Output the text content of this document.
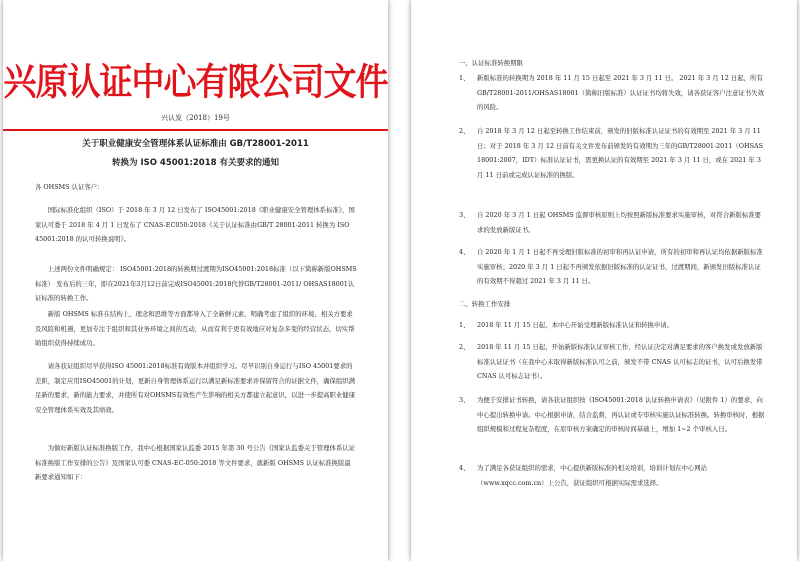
兴原认证中心有限公司文件
兴认发（2018）19号
关于职业健康安全管理体系认证标准由 GB/T28001-2011
转换为 ISO 45001:2018 有关要求的通知

各 OHSMS 认证客户：

国际标准化组织（ISO）于 2018 年 3 月 12 日发布了 ISO45001:2018《职业健康安全管理体系标准》，国家认可委于 2018 年 4 月 1 日发布了 CNAS-EC050:2018《关于认证标准由GB/T 28001-2011 转换为 ISO 45001:2018 的认可转换说明》。

上述两份文件明确规定： ISO45001:2018的转换期过渡期为ISO45001:2018标准（以下简称新版OHSMS标准） 发布后的三年，即在2021年3月12日前完成ISO45001:2018代替GB/T28001-2011/ OHSAS18001认证标准的转换工作。

新版 OHSMS 标准在结构上、理念和思维等方面都导入了全新鲜元素，明确考虑了组织的环境、相关方要求及风险和机遇，更加专注于组织和其业务环境之间的互动，从而有利于更有效地应对复杂多变的经营状态，切实帮助组织获得持续成功。

请各获证组织尽早获得ISO 45001:2018标准有效版本并组织学习。尽早识别自身运行与ISO 45001要求的差距，制定应用ISO45001的计划，更新自身管理体系运行以满足新标准要求并保留符合的证据文件，确保组织满足新的要求，新的能力要求，并使所有对OHSMS有效性产生影响的相关方都建立起意识，以进一步提高职业健康安全管理体系实效及其绩效。

为做好新版认证标准换版工作，我中心根据国家认监委 2015 年第 30 号公告《国家认监委关于管理体系认证标准换版工作安排的公告》及国家认可委 CNAS-EC-050:2018 等文件要求，就新版 OHSMS 认证标准换版最新要求通知如下：

一、认证标准转换期限
1、 新版标准的转换期为 2018 年 11 月 15 日起至 2021 年 3 月 11 日。 2021 年 3 月 12 日起，所有 GB/T28001-2011/OHSAS18001（简称旧版标准）认证证书均将失效，请各获证客户注意证书失效的风险。
2、 自 2018 年 3 月 12 日起至转换工作结束前，颁发的旧版标准认证证书的有效期至 2021 年 3 月 11 日；对于 2018 年 3 月 12 日前有关文件发布前颁发的有效期为三年的GB/T28001-2011（OHSAS 18001:2007，IDT）标准认证证书，需更换认证的有效期至 2021 年 3 月 11 日，或在 2021 年 3 月 11 日前或完成认证标准的换版。
3、 自 2020 年 3 月 1 日起 OHSMS 监督审核原则上均按照新版标准要求实施审核，对符合新版标准要求的发放新版证书。
4、 自 2020 年 1 月 1 日起不再受理旧版标准的初审和再认证申请，所有的初审和再认证均依据新版标准实施审核；2020 年 3 月 1 日起不再颁发依据旧版标准的认证证书，过渡期间，新颁发旧版标准认证的有效期不得超过 2021 年 3 月 11 日。
二、转换工作安排
1、 2018 年 11 月 15 日起，本中心开始受理新版标准认证和转换申请。
2、 2018 年 11 月 15 日起，开始新版标准认证审核工作，经认证决定对满足要求的客户换发或发放新版标准认证证书（在我中心未取得新版标准认可之前，颁发不带 CNAS 认可标志的证书，认可后换发带 CNAS 认可标志证书）。
3、 为便于安排证书转换，请各获证组织按《ISO45001:2018 认证转换申请表》（见附件 1）的要求，向中心提出转换申请。中心根据申请，结合监督，再认证或专审核实施认证标准转换。转换审核时，根据组织规模和过程复杂程度，在原审核方案确定的审核时间基础上，增加 1~2 个审核人日。
4、 为了满足各获证组织的需求，中心提供新版标准的相关培训，培训计划在中心网站（www.xqcc.com.cn）上公告，获证组织可根据实际需求选择。
